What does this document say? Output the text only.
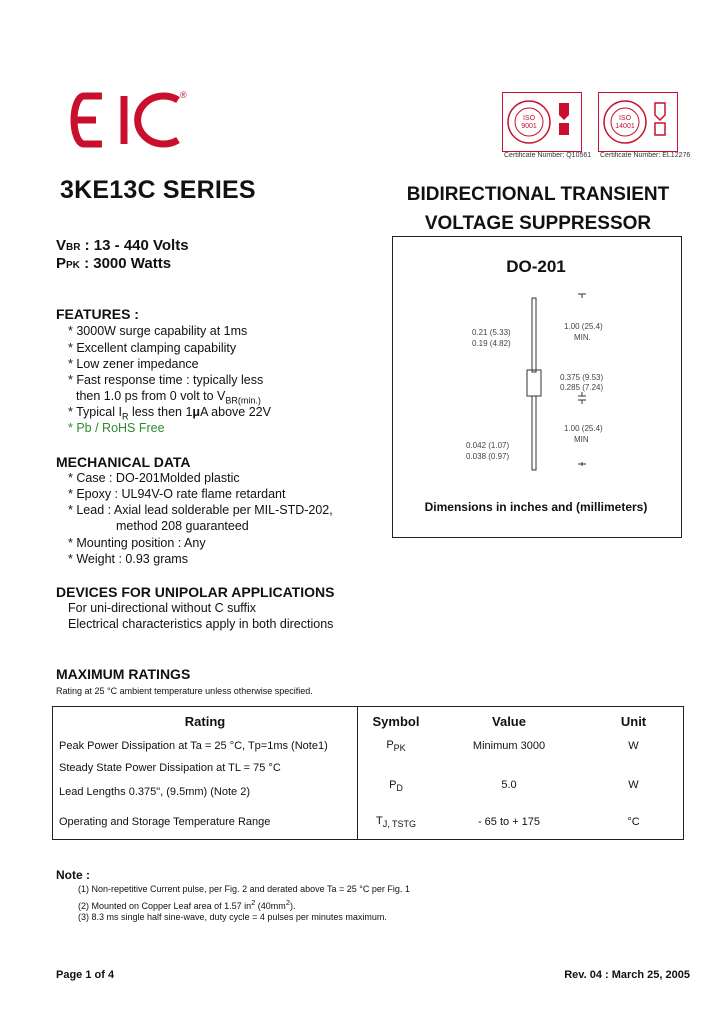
®
ISO
9001
Certificate Number: Q10561
ISO
14001
Certificate Number: EL12276
3KE13C SERIES	BIDIRECTIONAL TRANSIENT
VOLTAGE SUPPRESSOR
VBR : 13 - 440 Volts
PPK : 3000 Watts
FEATURES :
* 3000W surge capability at 1ms
* Excellent clamping capability
* Low zener impedance
* Fast response time : typically less
then 1.0 ps from 0 volt to $V_{BR(min.)}$
* Typical $I_R$ less then 1μA above 22V
* Pb / RoHS Free
MECHANICAL DATA
* Case : DO-201Molded plastic
* Epoxy : UL94V-O rate flame retardant
* Lead : Axial lead solderable per MIL-STD-202,
method 208 guaranteed
* Mounting position : Any
* Weight : 0.93 grams
DEVICES FOR UNIPOLAR APPLICATIONS
For uni-directional without C suffix
Electrical characteristics apply in both directions
DO-201
0.21 (5.33)
0.19 (4.82)
1.00 (25.4)
MIN.
0.375 (9.53)
0.285 (7.24)
1.00 (25.4)
MIN
0.042 (1.07)
0.038 (0.97)
Dimensions in inches and (millimeters)
MAXIMUM RATINGS
Rating at 25 °C ambient temperature unless otherwise specified.
Rating	Symbol	Value	Unit
Peak Power Dissipation at Ta = 25 °C, Tp=1ms (Note1)	$P_{PK}$	Minimum 3000	W
Steady State Power Dissipation at TL = 75 °C			
Lead Lengths 0.375", (9.5mm) (Note 2)	$P_D$	5.0	W
Operating and Storage Temperature Range	$T_{J, TSTG}$	- 65 to + 175	°C
Note :
(1) Non-repetitive Current pulse, per Fig. 2 and derated above Ta = 25 °C per Fig. 1
(2) Mounted on Copper Leaf area of 1.57 $in^2$ $(40mm^2)$.
(3) 8.3 ms single half sine-wave, duty cycle = 4 pulses per minutes maximum.
Page 1 of 4	Rev. 04 : March 25, 2005
